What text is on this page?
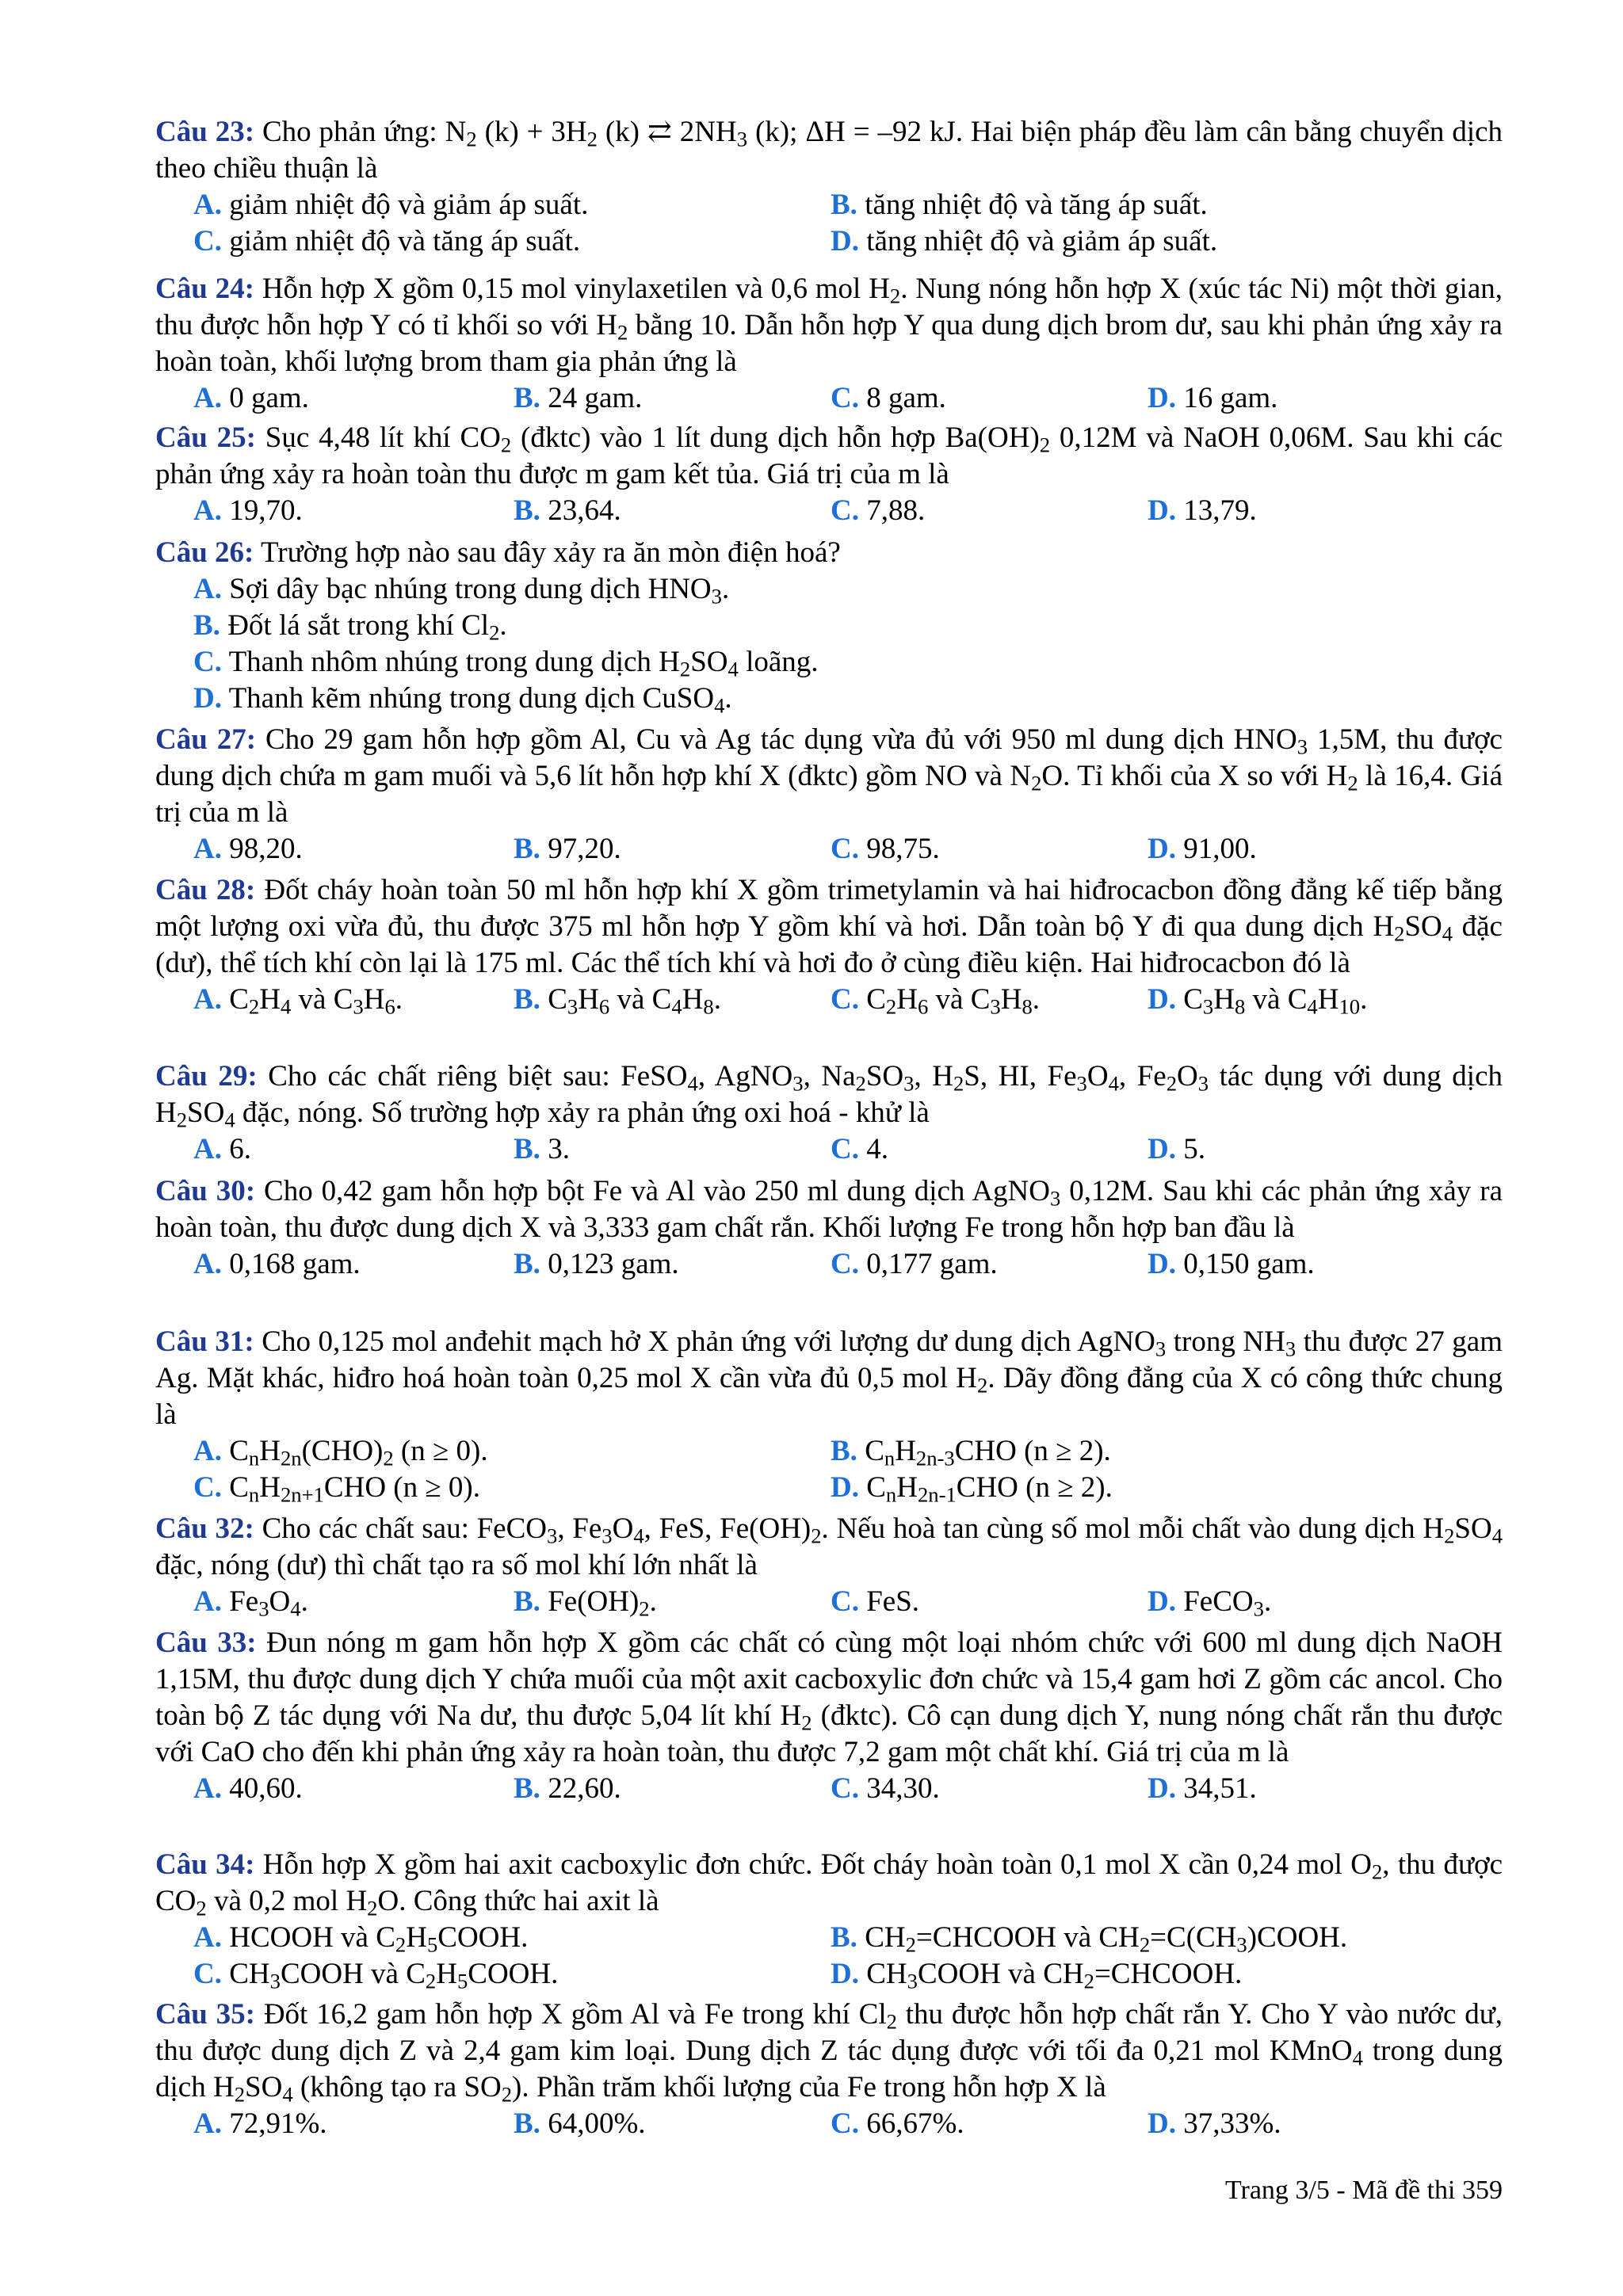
Câu 23: Cho phản ứng: $N_2$ $(k) + 3H_2$ (k) ⇄ $2NH_3$ (k); ΔH = –92 kJ. Hai biện pháp đều làm cân bằng chuyển dịch theo chiều thuận là
A. giảm nhiệt độ và giảm áp suất.	B. tăng nhiệt độ và tăng áp suất.
C. giảm nhiệt độ và tăng áp suất.	D. tăng nhiệt độ và giảm áp suất.
Câu 24: Hỗn hợp X gồm 0,15 mol vinylaxetilen và 0,6 mol $H_2$. Nung nóng hỗn hợp X (xúc tác Ni) một thời gian, thu được hỗn hợp Y có tỉ khối so với $H_2$ bằng 10. Dẫn hỗn hợp Y qua dung dịch brom dư, sau khi phản ứng xảy ra hoàn toàn, khối lượng brom tham gia phản ứng là
A. 0 gam.	B. 24 gam.	C. 8 gam.	D. 16 gam.
Câu 25: Sục 4,48 lít khí $CO_2$ (đktc) vào 1 lít dung dịch hỗn hợp $Ba(OH)_2$ 0,12M và NaOH 0,06M. Sau khi các phản ứng xảy ra hoàn toàn thu được m gam kết tủa. Giá trị của m là
A. 19,70.	B. 23,64.	C. 7,88.	D. 13,79.
Câu 26: Trường hợp nào sau đây xảy ra ăn mòn điện hoá?
A. Sợi dây bạc nhúng trong dung dịch $HNO_3$.
B. Đốt lá sắt trong khí $Cl_2$.
C. Thanh nhôm nhúng trong dung dịch $H_2SO_4$ loãng.
D. Thanh kẽm nhúng trong dung dịch CuSO$_4$.
Câu 27: Cho 29 gam hỗn hợp gồm Al, Cu và Ag tác dụng vừa đủ với 950 ml dung dịch $HNO_3$ 1,5M, thu được dung dịch chứa m gam muối và 5,6 lít hỗn hợp khí X (đktc) gồm NO và $N_2O$. Tỉ khối của X so với $H_2$ là 16,4. Giá trị của m là
A. 98,20.	B. 97,20.	C. 98,75.	D. 91,00.
Câu 28: Đốt cháy hoàn toàn 50 ml hỗn hợp khí X gồm trimetylamin và hai hiđrocacbon đồng đẳng kế tiếp bằng một lượng oxi vừa đủ, thu được 375 ml hỗn hợp Y gồm khí và hơi. Dẫn toàn bộ Y đi qua dung dịch $H_2SO_4$ đặc (dư), thể tích khí còn lại là 175 ml. Các thể tích khí và hơi đo ở cùng điều kiện. Hai hiđrocacbon đó là
A. $C_2H_4$ và $C_3H_6$.	B. $C_3H_6$ và $C_4H_8$.	C. $C_2H_6$ và $C_3H_8$.	D. $C_3H_8$ và $C_4H_{10}$.
Câu 29: Cho các chất riêng biệt sau: FeSO$_4$, AgNO$_3$, $Na_2SO_3$, $H_2S$, HI, $Fe_3O_4$, $Fe_2O_3$ tác dụng với dung dịch $H_2SO_4$ đặc, nóng. Số trường hợp xảy ra phản ứng oxi hoá - khử là
A. 6.	B. 3.	C. 4.	D. 5.
Câu 30: Cho 0,42 gam hỗn hợp bột Fe và Al vào 250 ml dung dịch AgNO$_3$ 0,12M. Sau khi các phản ứng xảy ra hoàn toàn, thu được dung dịch X và 3,333 gam chất rắn. Khối lượng Fe trong hỗn hợp ban đầu là
A. 0,168 gam.	B. 0,123 gam.	C. 0,177 gam.	D. 0,150 gam.
Câu 31: Cho 0,125 mol anđehit mạch hở X phản ứng với lượng dư dung dịch AgNO$_3$ trong $NH_3$ thu được 27 gam Ag. Mặt khác, hiđro hoá hoàn toàn 0,25 mol X cần vừa đủ 0,5 mol $H_2$. Dãy đồng đẳng của X có công thức chung là
A. $C_nH_{2n}(CHO)_2$ (n ≥ 0).	B. $C_nH_{2n-3}CHO$ (n ≥ 2).
C. $C_nH_{2n+1}CHO$ (n ≥ 0).	D. $C_nH_{2n-1}CHO$ (n ≥ 2).
Câu 32: Cho các chất sau: FeCO$_3$, $Fe_3O_4$, FeS, $Fe(OH)_2$. Nếu hoà tan cùng số mol mỗi chất vào dung dịch $H_2SO_4$ đặc, nóng (dư) thì chất tạo ra số mol khí lớn nhất là
A. $Fe_3O_4$.	B. $Fe(OH)_2$.	C. FeS.	D. FeCO$_3$.
Câu 33: Đun nóng m gam hỗn hợp X gồm các chất có cùng một loại nhóm chức với 600 ml dung dịch NaOH 1,15M, thu được dung dịch Y chứa muối của một axit cacboxylic đơn chức và 15,4 gam hơi Z gồm các ancol. Cho toàn bộ Z tác dụng với Na dư, thu được 5,04 lít khí $H_2$ (đktc). Cô cạn dung dịch Y, nung nóng chất rắn thu được với CaO cho đến khi phản ứng xảy ra hoàn toàn, thu được 7,2 gam một chất khí. Giá trị của m là
A. 40,60.	B. 22,60.	C. 34,30.	D. 34,51.
Câu 34: Hỗn hợp X gồm hai axit cacboxylic đơn chức. Đốt cháy hoàn toàn 0,1 mol X cần 0,24 mol $O_2$, thu được $CO_2$ và 0,2 mol $H_2O$. Công thức hai axit là
A. HCOOH và $C_2H_5COOH$.	B. $CH_2=CHCOOH$ và $CH_2=C(CH_3)COOH$.
C. $CH_3COOH$ và $C_2H_5COOH$.	D. $CH_3COOH$ và $CH_2=CHCOOH$.
Câu 35: Đốt 16,2 gam hỗn hợp X gồm Al và Fe trong khí $Cl_2$ thu được hỗn hợp chất rắn Y. Cho Y vào nước dư, thu được dung dịch Z và 2,4 gam kim loại. Dung dịch Z tác dụng được với tối đa 0,21 mol KMnO$_4$ trong dung dịch $H_2SO_4$ (không tạo ra $SO_2$). Phần trăm khối lượng của Fe trong hỗn hợp X là
A. 72,91%.	B. 64,00%.	C. 66,67%.	D. 37,33%.
Trang 3/5 - Mã đề thi 359
